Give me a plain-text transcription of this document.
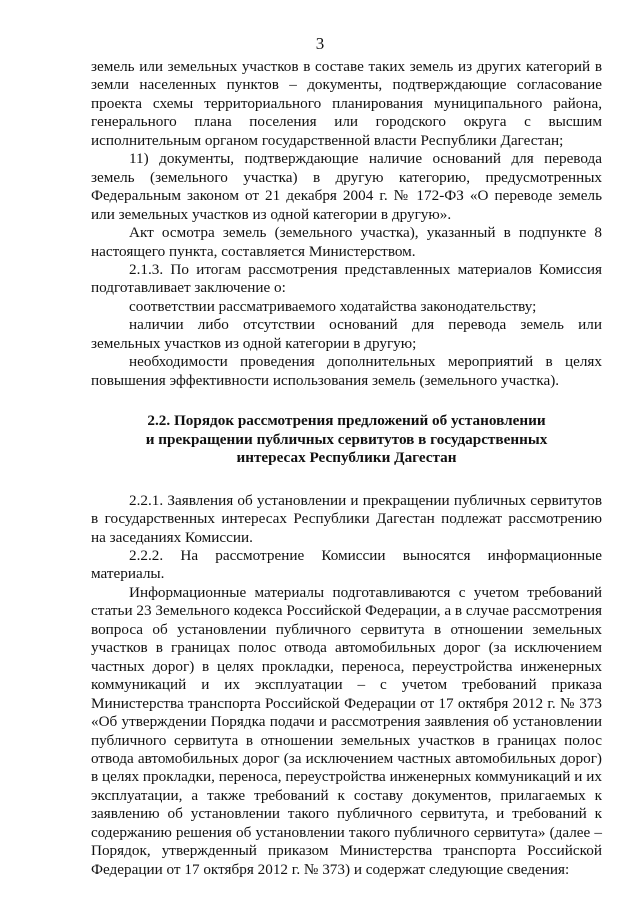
3

земель или земельных участков в составе таких земель из других категорий в земли населенных пунктов – документы, подтверждающие согласование проекта схемы территориального планирования муниципального района, генерального плана поселения или городского округа с высшим исполнительным органом государственной власти Республики Дагестан;

11) документы, подтверждающие наличие оснований для перевода земель (земельного участка) в другую категорию, предусмотренных Федеральным законом от 21 декабря 2004 г. № 172-ФЗ «О переводе земель или земельных участков из одной категории в другую».

Акт осмотра земель (земельного участка), указанный в подпункте 8 настоящего пункта, составляется Министерством.

2.1.3. По итогам рассмотрения представленных материалов Комиссия подготавливает заключение о:

соответствии рассматриваемого ходатайства законодательству;

наличии либо отсутствии оснований для перевода земель или земельных участков из одной категории в другую;

необходимости проведения дополнительных мероприятий в целях повышения эффективности использования земель (земельного участка).

2.2. Порядок рассмотрения предложений об установлении
и прекращении публичных сервитутов в государственных
интересах Республики Дагестан

2.2.1. Заявления об установлении и прекращении публичных сервитутов в государственных интересах Республики Дагестан подлежат рассмотрению на заседаниях Комиссии.

2.2.2. На рассмотрение Комиссии выносятся информационные материалы.

Информационные материалы подготавливаются с учетом требований статьи 23 Земельного кодекса Российской Федерации, а в случае рассмотрения вопроса об установлении публичного сервитута в отношении земельных участков в границах полос отвода автомобильных дорог (за исключением частных дорог) в целях прокладки, переноса, переустройства инженерных коммуникаций и их эксплуатации – с учетом требований приказа Министерства транспорта Российской Федерации от 17 октября 2012 г. № 373 «Об утверждении Порядка подачи и рассмотрения заявления об установлении публичного сервитута в отношении земельных участков в границах полос отвода автомобильных дорог (за исключением частных автомобильных дорог) в целях прокладки, переноса, переустройства инженерных коммуникаций и их эксплуатации, а также требований к составу документов, прилагаемых к заявлению об установлении такого публичного сервитута, и требований к содержанию решения об установлении такого публичного сервитута» (далее – Порядок, утвержденный приказом Министерства транспорта Российской Федерации от 17 октября 2012 г. № 373) и содержат следующие сведения:
